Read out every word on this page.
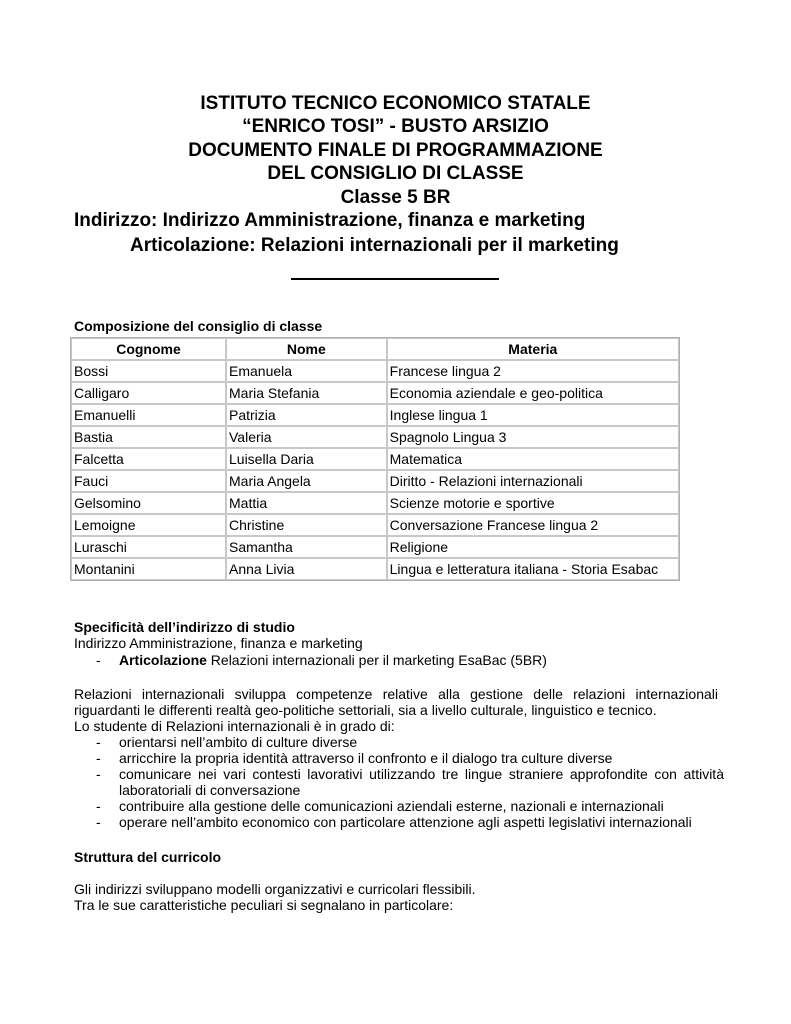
ISTITUTO TECNICO ECONOMICO STATALE
“ENRICO TOSI” - BUSTO ARSIZIO
DOCUMENTO FINALE DI PROGRAMMAZIONE
DEL CONSIGLIO DI CLASSE
Classe 5 BR
Indirizzo: Indirizzo Amministrazione, finanza e marketing
Articolazione: Relazioni internazionali per il marketing
Composizione del consiglio di classe
Cognome	Nome	Materia
Bossi	Emanuela	Francese lingua 2
Calligaro	Maria Stefania	Economia aziendale e geo-politica
Emanuelli	Patrizia	Inglese lingua 1
Bastia	Valeria	Spagnolo Lingua 3
Falcetta	Luisella Daria	Matematica
Fauci	Maria Angela	Diritto - Relazioni internazionali
Gelsomino	Mattia	Scienze motorie e sportive
Lemoigne	Christine	Conversazione Francese lingua 2
Luraschi	Samantha	Religione
Montanini	Anna Livia	Lingua e letteratura italiana - Storia Esabac
Specificità dell’indirizzo di studio
Indirizzo Amministrazione, finanza e marketing
- Articolazione Relazioni internazionali per il marketing EsaBac (5BR)
Relazioni internazionali sviluppa competenze relative alla gestione delle relazioni internazionali
riguardanti le differenti realtà geo-politiche settoriali, sia a livello culturale, linguistico e tecnico.
Lo studente di Relazioni internazionali è in grado di:
- orientarsi nell’ambito di culture diverse
- arricchire la propria identità attraverso il confronto e il dialogo tra culture diverse
- comunicare nei vari contesti lavorativi utilizzando tre lingue straniere approfondite con attività laboratoriali di conversazione
- contribuire alla gestione delle comunicazioni aziendali esterne, nazionali e internazionali
- operare nell’ambito economico con particolare attenzione agli aspetti legislativi internazionali
Struttura del curricolo
Gli indirizzi sviluppano modelli organizzativi e curricolari flessibili.
Tra le sue caratteristiche peculiari si segnalano in particolare:
